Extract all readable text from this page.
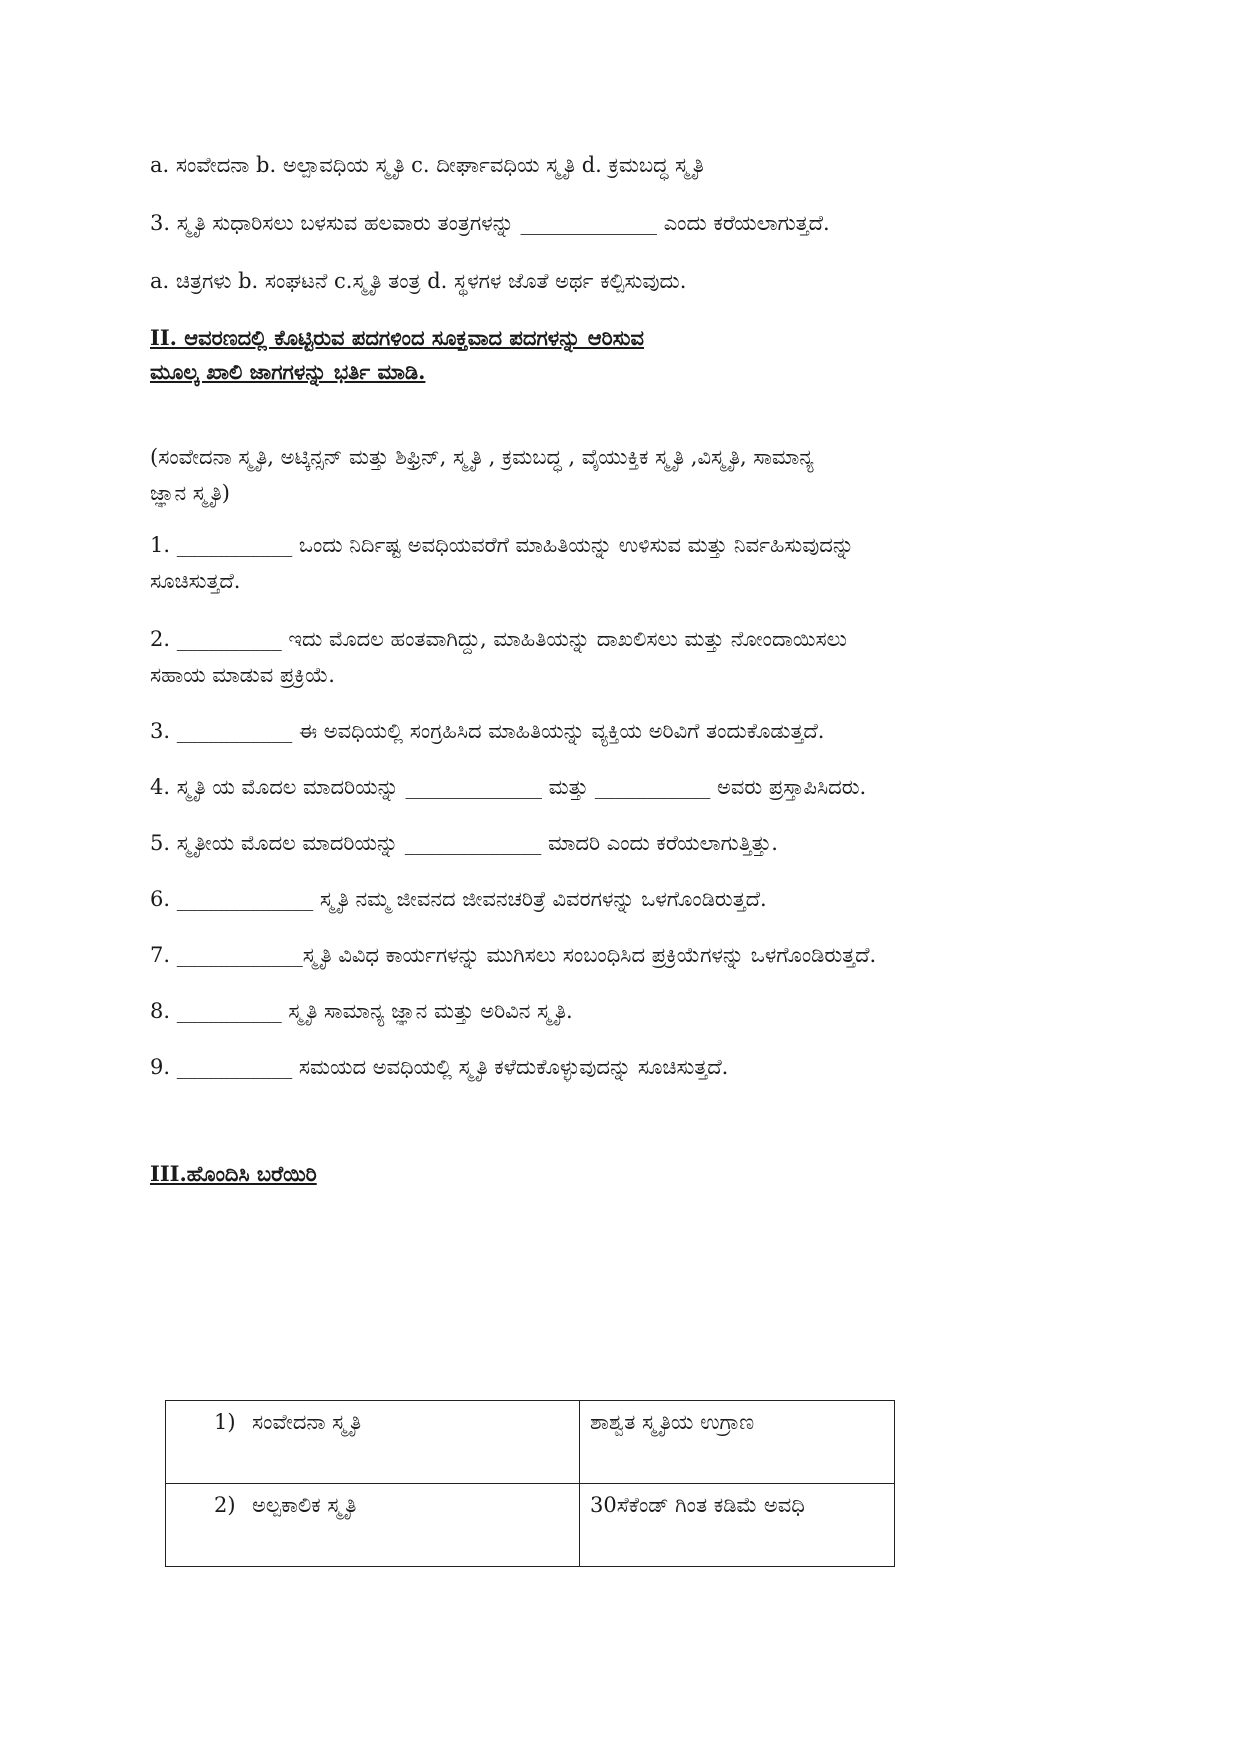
a. ಸಂವೇದನಾ b. ಅಲ್ಪಾವಧಿಯ ಸ್ಮೃತಿ c. ದೀರ್ಘಾವಧಿಯ ಸ್ಮೃತಿ d. ಕ್ರಮಬದ್ಧ ಸ್ಮೃತಿ

3. ಸ್ಮೃತಿ ಸುಧಾರಿಸಲು ಬಳಸುವ ಹಲವಾರು ತಂತ್ರಗಳನ್ನು _____________ ಎಂದು ಕರೆಯಲಾಗುತ್ತದೆ.

a. ಚಿತ್ರಗಳು b. ಸಂಘಟನೆ c.ಸ್ಮೃತಿ ತಂತ್ರ d. ಸ್ಥಳಗಳ ಜೊತೆ ಅರ್ಥ ಕಲ್ಪಿಸುವುದು.

II. ಆವರಣದಲ್ಲಿ ಕೊಟ್ಟಿರುವ ಪದಗಳಿಂದ ಸೂಕ್ತವಾದ ಪದಗಳನ್ನು ಆರಿಸುವ

ಮೂಲ್ಕ ಖಾಲಿ ಜಾಗಗಳನ್ನು ಭರ್ತಿ ಮಾಡಿ.

(ಸಂವೇದನಾ ಸ್ಮೃತಿ, ಅಟ್ಕಿನ್ಸನ್ ಮತ್ತು ಶಿಫ್ರಿನ್, ಸ್ಮೃತಿ , ಕ್ರಮಬದ್ಧ , ವೈಯುಕ್ತಿಕ ಸ್ಮೃತಿ ,ವಿಸ್ಮೃತಿ, ಸಾಮಾನ್ಯ

ಜ್ಞಾನ ಸ್ಮೃತಿ)

1. ___________ ಒಂದು ನಿರ್ದಿಷ್ಟ ಅವಧಿಯವರೆಗೆ ಮಾಹಿತಿಯನ್ನು ಉಳಿಸುವ ಮತ್ತು ನಿರ್ವಹಿಸುವುದನ್ನು

ಸೂಚಿಸುತ್ತದೆ.

2. __________ ಇದು ಮೊದಲ ಹಂತವಾಗಿದ್ದು, ಮಾಹಿತಿಯನ್ನು ದಾಖಲಿಸಲು ಮತ್ತು ನೋಂದಾಯಿಸಲು

ಸಹಾಯ ಮಾಡುವ ಪ್ರಕ್ರಿಯೆ.

3. ___________ ಈ ಅವಧಿಯಲ್ಲಿ ಸಂಗ್ರಹಿಸಿದ ಮಾಹಿತಿಯನ್ನು ವ್ಯಕ್ತಿಯ ಅರಿವಿಗೆ ತಂದುಕೊಡುತ್ತದೆ.

4. ಸ್ಮೃತಿ ಯ ಮೊದಲ ಮಾದರಿಯನ್ನು _____________ ಮತ್ತು ___________ ಅವರು ಪ್ರಸ್ತಾಪಿಸಿದರು.

5. ಸ್ಮೃತೀಯ ಮೊದಲ ಮಾದರಿಯನ್ನು _____________ ಮಾದರಿ ಎಂದು ಕರೆಯಲಾಗುತ್ತಿತ್ತು.

6. _____________ ಸ್ಮೃತಿ ನಮ್ಮ ಜೀವನದ ಜೀವನಚರಿತ್ರೆ ವಿವರಗಳನ್ನು ಒಳಗೊಂಡಿರುತ್ತದೆ.

7. ____________ಸ್ಮೃತಿ ವಿವಿಧ ಕಾರ್ಯಗಳನ್ನು ಮುಗಿಸಲು ಸಂಬಂಧಿಸಿದ ಪ್ರಕ್ರಿಯೆಗಳನ್ನು ಒಳಗೊಂಡಿರುತ್ತದೆ.

8. __________ ಸ್ಮೃತಿ ಸಾಮಾನ್ಯ ಜ್ಞಾನ ಮತ್ತು ಅರಿವಿನ ಸ್ಮೃತಿ.

9. ___________ ಸಮಯದ ಅವಧಿಯಲ್ಲಿ ಸ್ಮೃತಿ ಕಳೆದುಕೊಳ್ಳುವುದನ್ನು ಸೂಚಿಸುತ್ತದೆ.

III.ಹೊಂದಿಸಿ ಬರೆಯಿರಿ

1) ಸಂವೇದನಾ ಸ್ಮೃತಿ	ಶಾಶ್ವತ ಸ್ಮೃತಿಯ ಉಗ್ರಾಣ
2) ಅಲ್ಪಕಾಲಿಕ ಸ್ಮೃತಿ	30ಸೆಕೆಂಡ್ ಗಿಂತ ಕಡಿಮೆ ಅವಧಿ
